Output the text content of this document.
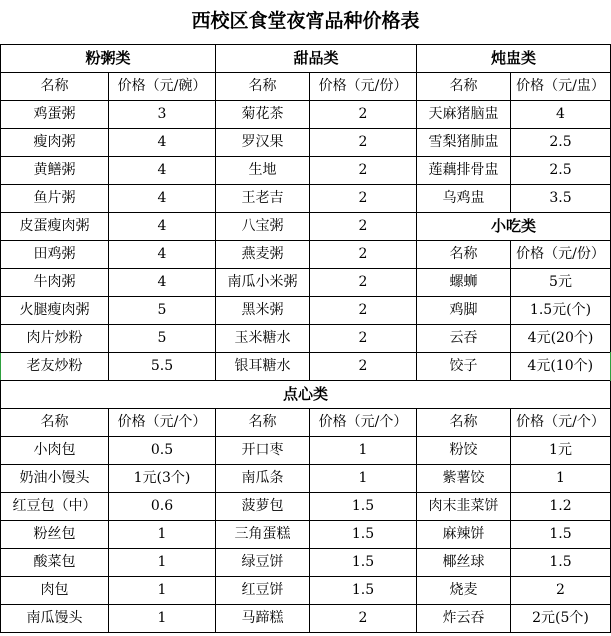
西校区食堂夜宵品种价格表					
粉粥类		甜品类		炖盅类	
名称	价格（元/碗）	名称	价格（元/份）	名称	价格（元/盅）
鸡蛋粥	3	菊花茶	2	天麻猪脑盅	4
瘦肉粥	4	罗汉果	2	雪梨猪肺盅	2.5
黄鳝粥	4	生地	2	莲藕排骨盅	2.5
鱼片粥	4	王老吉	2	乌鸡盅	3.5
皮蛋瘦肉粥	4	八宝粥	2	小吃类	
田鸡粥	4	燕麦粥	2	名称	价格（元/份）
牛肉粥	4	南瓜小米粥	2	螺蛳	5元
火腿瘦肉粥	5	黑米粥	2	鸡脚	1.5元(个)
肉片炒粉	5	玉米糖水	2	云吞	4元(20个)
老友炒粉	5.5	银耳糖水	2	饺子	4元(10个)
点心类					
名称	价格（元/个）	名称	价格（元/个）	名称	价格（元/个）
小肉包	0.5	开口枣	1	粉饺	1元
奶油小馒头	1元(3个)	南瓜条	1	紫薯饺	1
红豆包（中）	0.6	菠萝包	1.5	肉末韭菜饼	1.2
粉丝包	1	三角蛋糕	1.5	麻辣饼	1.5
酸菜包	1	绿豆饼	1.5	椰丝球	1.5
肉包	1	红豆饼	1.5	烧麦	2
南瓜馒头	1	马蹄糕	2	炸云吞	2元(5个)
